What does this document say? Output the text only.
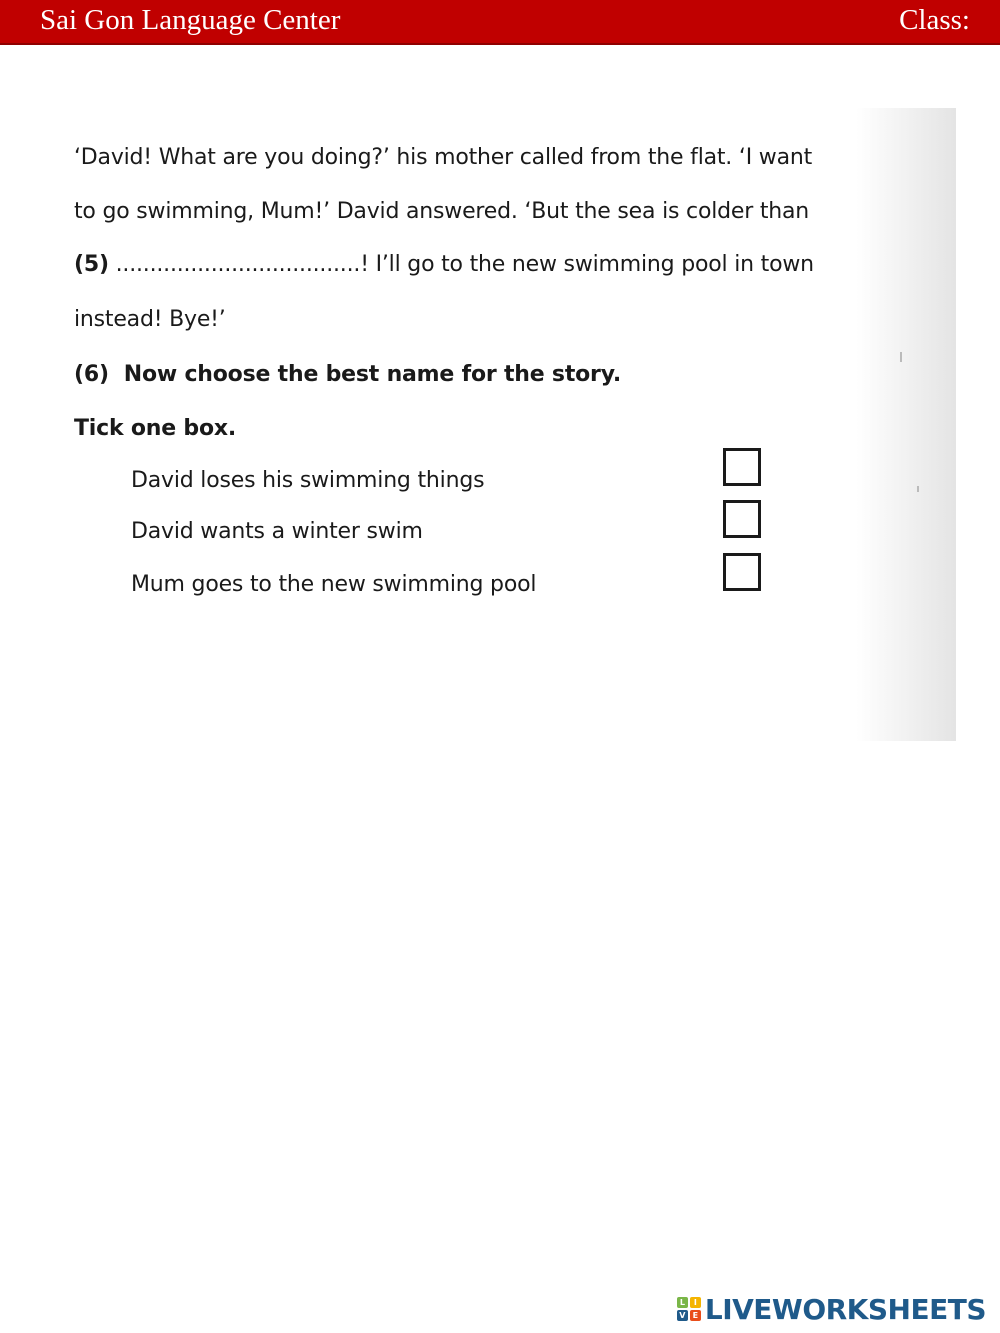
Sai Gon Language Center	Class:
‘David! What are you doing?’ his mother called from the flat. ‘I want
to go swimming, Mum!’ David answered. ‘But the sea is colder than
(5) ....................................! I’ll go to the new swimming pool in town
instead! Bye!’
(6) Now choose the best name for the story.
Tick one box.
David loses his swimming things
David wants a winter swim
Mum goes to the new swimming pool
L	I
V E LIVEWORKSHEETS
